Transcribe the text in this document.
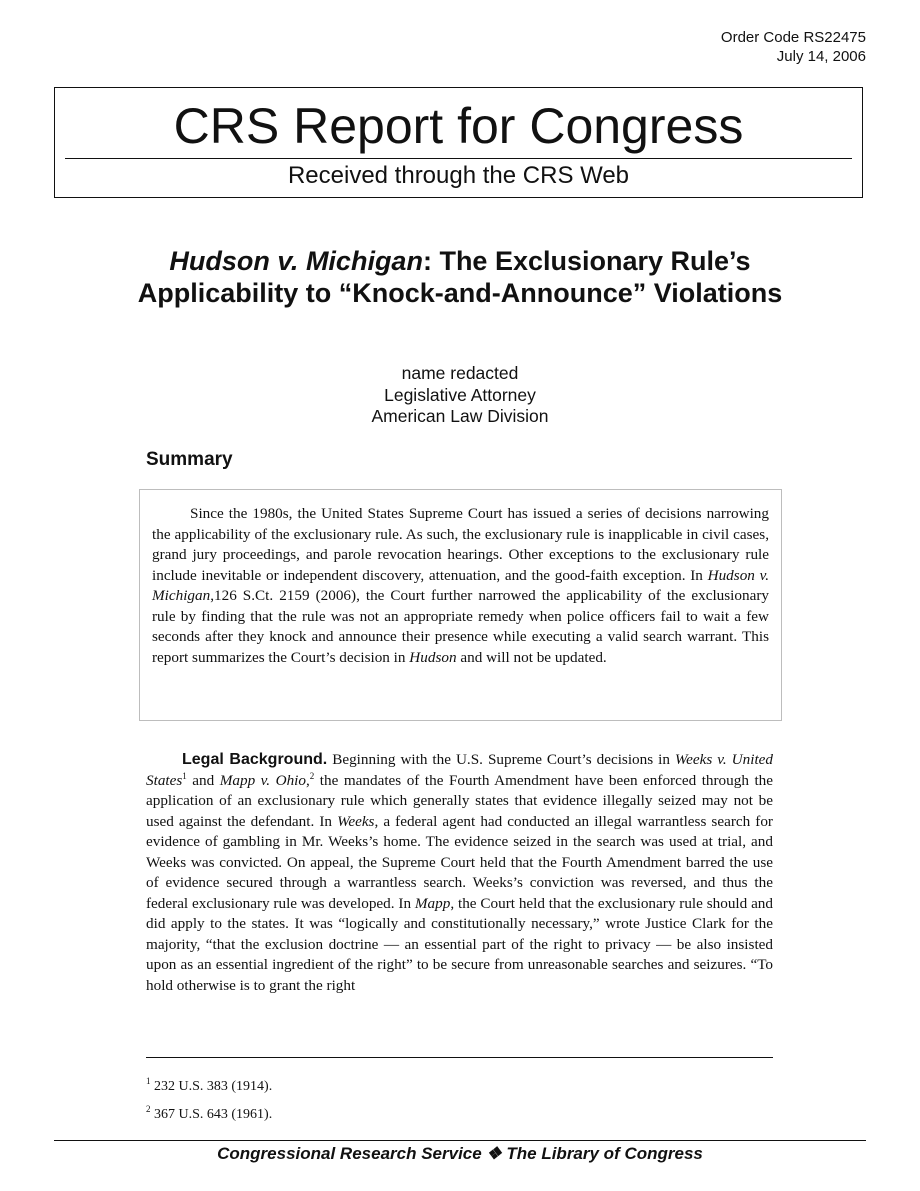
Order Code RS22475
July 14, 2006
CRS Report for Congress
Received through the CRS Web
Hudson v. Michigan: The Exclusionary Rule’s Applicability to “Knock-and-Announce” Violations
name redacted
Legislative Attorney
American Law Division
Summary

Since the 1980s, the United States Supreme Court has issued a series of decisions narrowing the applicability of the exclusionary rule. As such, the exclusionary rule is inapplicable in civil cases, grand jury proceedings, and parole revocation hearings. Other exceptions to the exclusionary rule include inevitable or independent discovery, attenuation, and the good-faith exception. In Hudson v. Michigan,126 S.Ct. 2159 (2006), the Court further narrowed the applicability of the exclusionary rule by finding that the rule was not an appropriate remedy when police officers fail to wait a few seconds after they knock and announce their presence while executing a valid search warrant. This report summarizes the Court’s decision in Hudson and will not be updated.

Legal Background. Beginning with the U.S. Supreme Court’s decisions in Weeks v. United States$^1$ and Mapp v. Ohio,$^2$ the mandates of the Fourth Amendment have been enforced through the application of an exclusionary rule which generally states that evidence illegally seized may not be used against the defendant. In Weeks, a federal agent had conducted an illegal warrantless search for evidence of gambling in Mr. Weeks’s home. The evidence seized in the search was used at trial, and Weeks was convicted. On appeal, the Supreme Court held that the Fourth Amendment barred the use of evidence secured through a warrantless search. Weeks’s conviction was reversed, and thus the federal exclusionary rule was developed. In Mapp, the Court held that the exclusionary rule should and did apply to the states. It was “logically and constitutionally necessary,” wrote Justice Clark for the majority, “that the exclusion doctrine — an essential part of the right to privacy — be also insisted upon as an essential ingredient of the right” to be secure from unreasonable searches and seizures. “To hold otherwise is to grant the right

$^1$ 232 U.S. 383 (1914).
$^2$ 367 U.S. 643 (1961).
Congressional Research Service ❖ The Library of Congress
